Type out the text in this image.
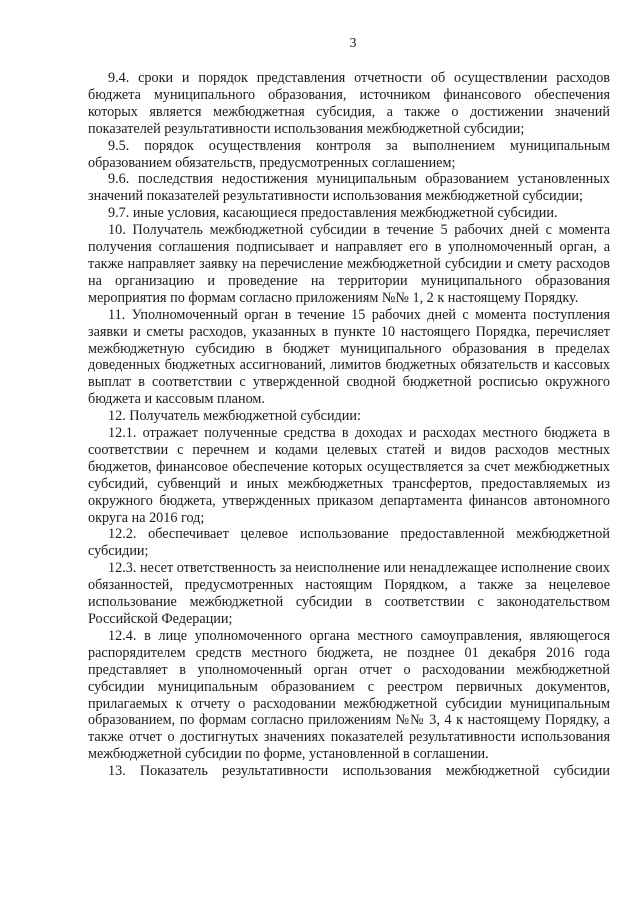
3

9.4. сроки и порядок представления отчетности об осуществлении расходов бюджета муниципального образования, источником финансового обеспечения которых является межбюджетная субсидия, а также о достижении значений показателей результативности использования межбюджетной субсидии;

9.5. порядок осуществления контроля за выполнением муниципальным образованием обязательств, предусмотренных соглашением;

9.6. последствия недостижения муниципальным образованием установленных значений показателей результативности использования межбюджетной субсидии;

9.7. иные условия, касающиеся предоставления межбюджетной субсидии.

10. Получатель межбюджетной субсидии в течение 5 рабочих дней с момента получения соглашения подписывает и направляет его в уполномоченный орган, а также направляет заявку на перечисление межбюджетной субсидии и смету расходов на организацию и проведение на территории муниципального образования мероприятия по формам согласно приложениям №№ 1, 2 к настоящему Порядку.

11. Уполномоченный орган в течение 15 рабочих дней с момента поступления заявки и сметы расходов, указанных в пункте 10 настоящего Порядка, перечисляет межбюджетную субсидию в бюджет муниципального образования в пределах доведенных бюджетных ассигнований, лимитов бюджетных обязательств и кассовых выплат в соответствии с утвержденной сводной бюджетной росписью окружного бюджета и кассовым планом.

12. Получатель межбюджетной субсидии:

12.1. отражает полученные средства в доходах и расходах местного бюджета в соответствии с перечнем и кодами целевых статей и видов расходов местных бюджетов, финансовое обеспечение которых осуществляется за счет межбюджетных субсидий, субвенций и иных межбюджетных трансфертов, предоставляемых из окружного бюджета, утвержденных приказом департамента финансов автономного округа на 2016 год;

12.2. обеспечивает целевое использование предоставленной межбюджетной субсидии;

12.3. несет ответственность за неисполнение или ненадлежащее исполнение своих обязанностей, предусмотренных настоящим Порядком, а также за нецелевое использование межбюджетной субсидии в соответствии с законодательством Российской Федерации;

12.4. в лице уполномоченного органа местного самоуправления, являющегося распорядителем средств местного бюджета, не позднее 01 декабря 2016 года представляет в уполномоченный орган отчет о расходовании межбюджетной субсидии муниципальным образованием с реестром первичных документов, прилагаемых к отчету о расходовании межбюджетной субсидии муниципальным образованием, по формам согласно приложениям №№ 3, 4 к настоящему Порядку, а также отчет о достигнутых значениях показателей результативности использования межбюджетной субсидии по форме, установленной в соглашении.

13. Показатель результативности использования межбюджетной субсидии
